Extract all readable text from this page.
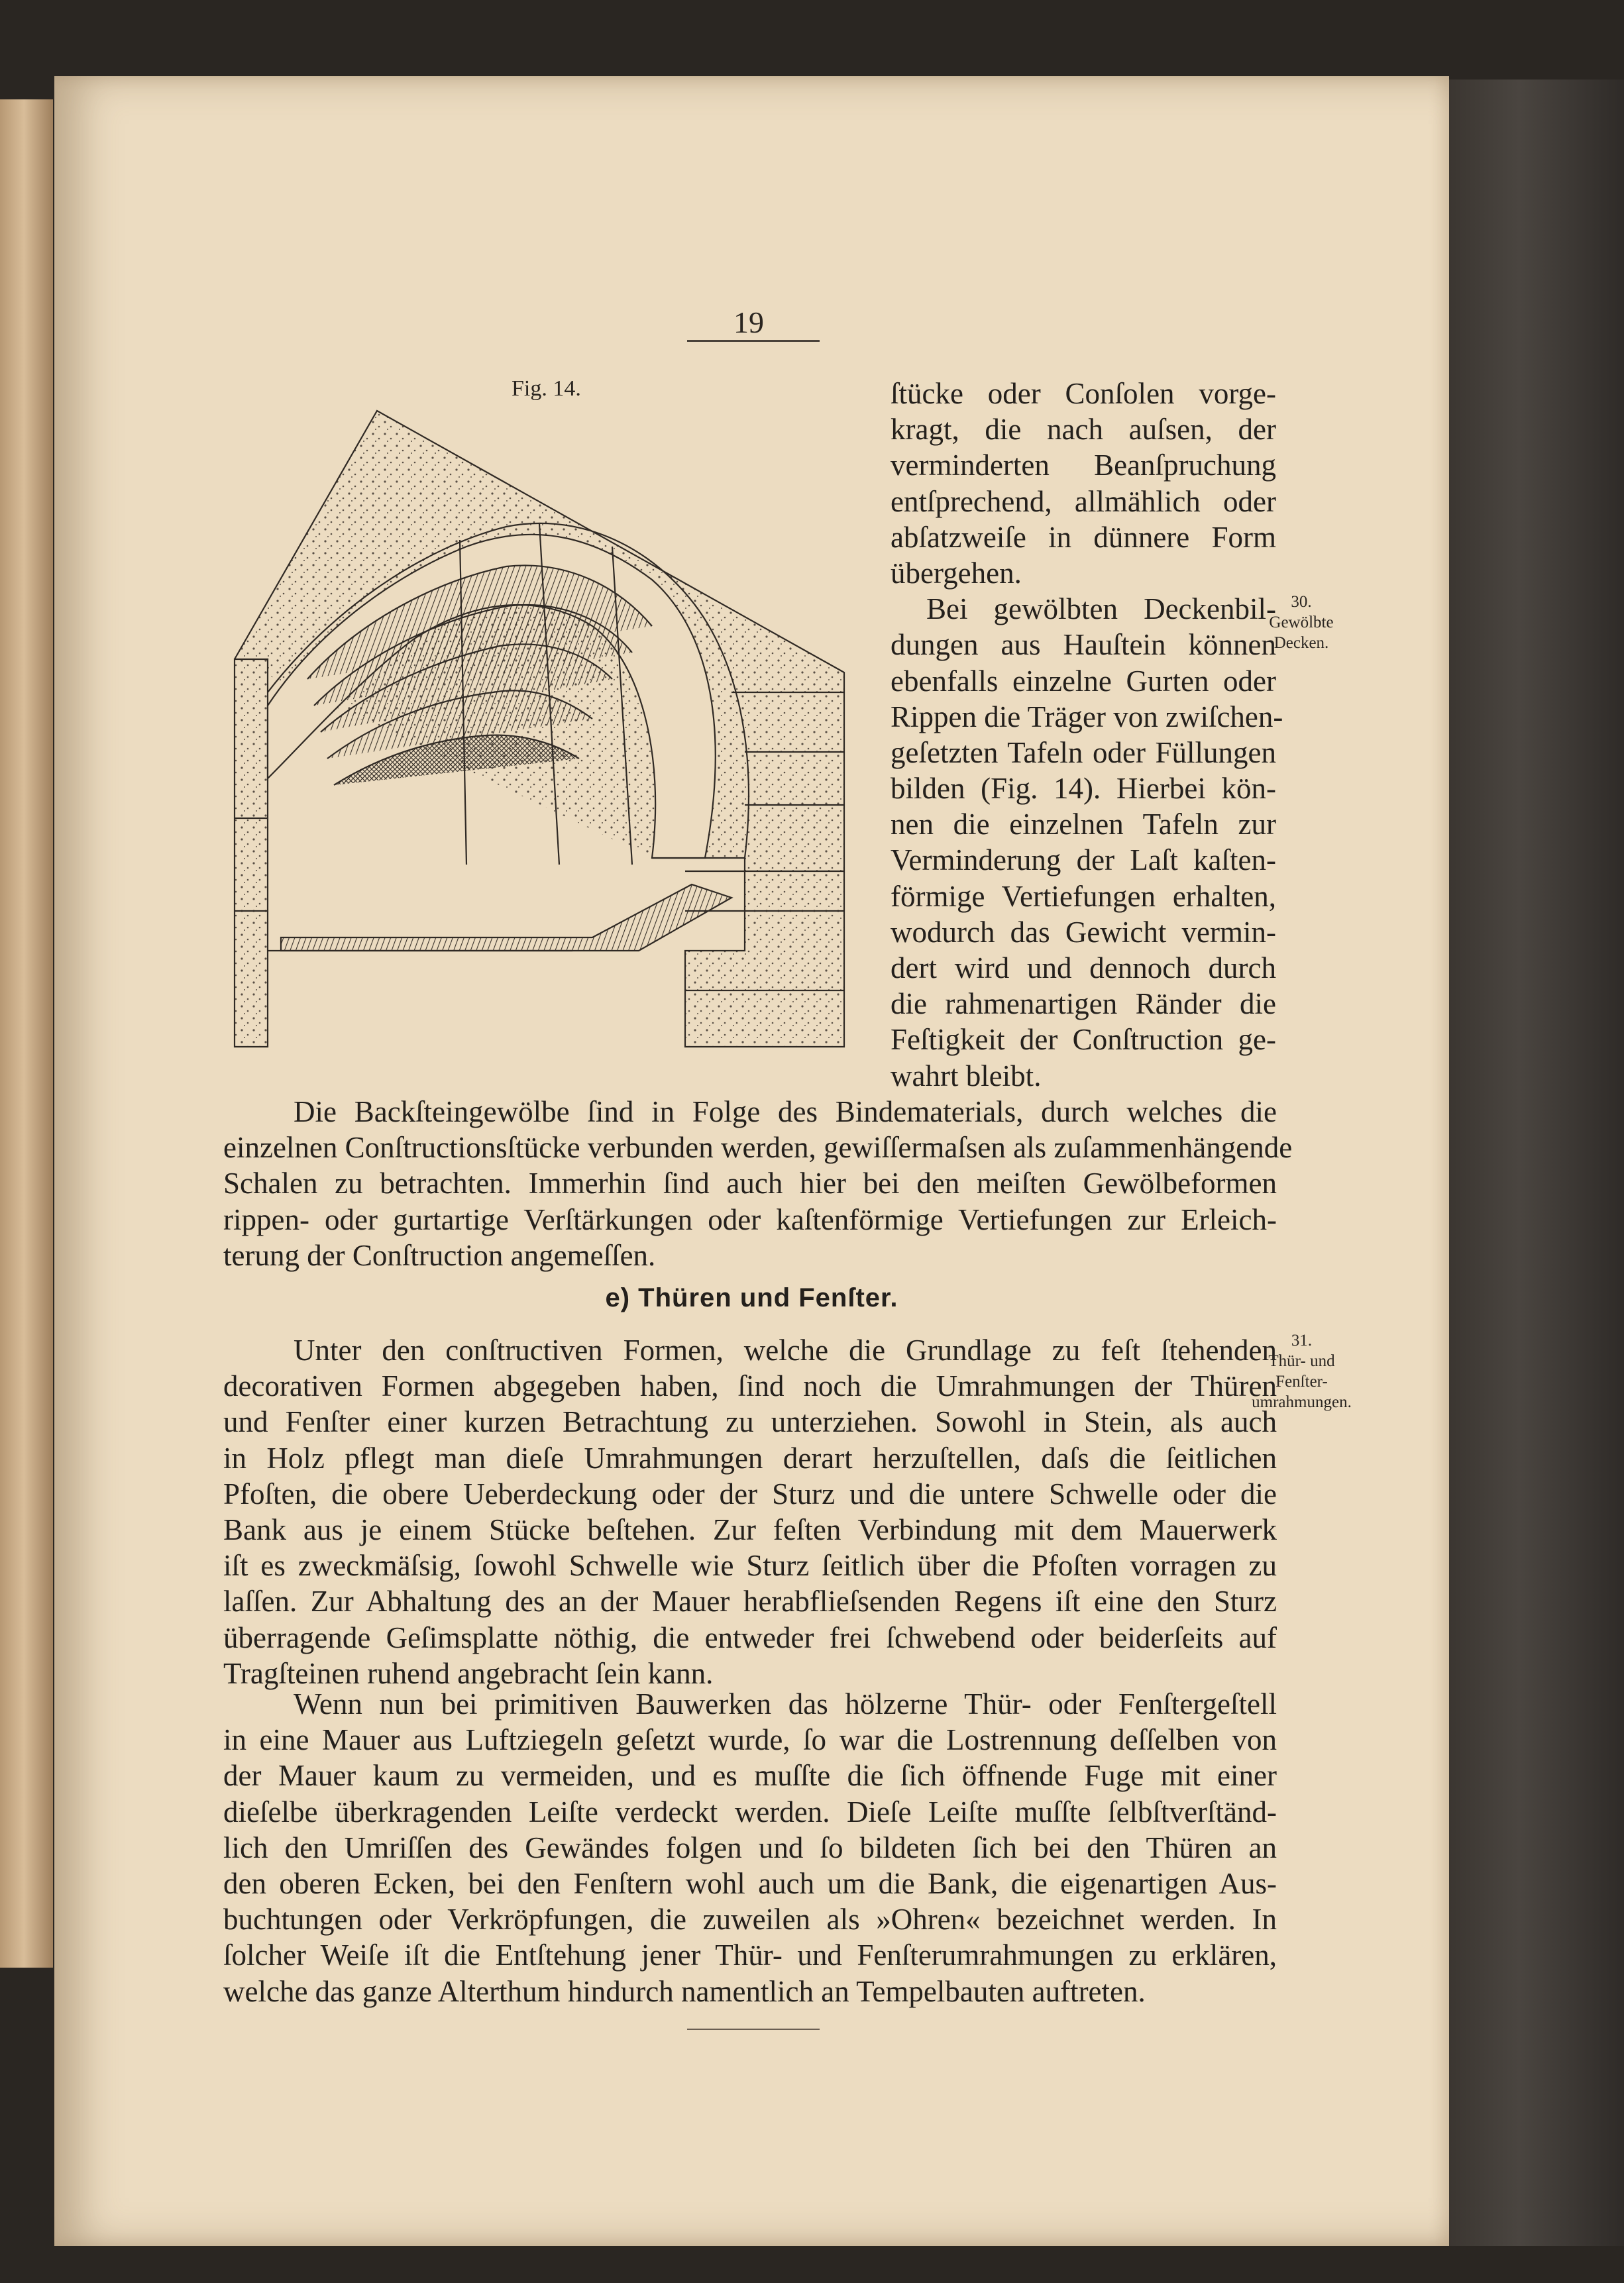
19
Fig. 14.	ſtücke oder Conſolen vorge-
kragt, die nach auſsen, der
verminderten Beanſpruchung
entſprechend, allmählich oder
abſatzweiſe in dünnere Form
übergehen.
Bei gewölbten Deckenbil-
dungen aus Hauſtein können
ebenfalls einzelne Gurten oder
Rippen die Träger von zwiſchen-
geſetzten Tafeln oder Füllungen
bilden (Fig. 14). Hierbei kön-
nen die einzelnen Tafeln zur
Verminderung der Laſt kaſten-
förmige Vertiefungen erhalten,
wodurch das Gewicht vermin-
dert wird und dennoch durch
die rahmenartigen Ränder die
Feſtigkeit der Conſtruction ge-
wahrt bleibt.
Die Backſteingewölbe ſind in Folge des Bindematerials, durch welches die
einzelnen Conſtructionsſtücke verbunden werden, gewiſſermaſsen als zuſammenhängende
Schalen zu betrachten. Immerhin ſind auch hier bei den meiſten Gewölbeformen
rippen- oder gurtartige Verſtärkungen oder kaſtenförmige Vertiefungen zur Erleich-
terung der Conſtruction angemeſſen.
e) Thüren und Fenſter.
Unter den conſtructiven Formen, welche die Grundlage zu feſt ſtehenden
decorativen Formen abgegeben haben, ſind noch die Umrahmungen der Thüren
und Fenſter einer kurzen Betrachtung zu unterziehen. Sowohl in Stein, als auch
in Holz pflegt man dieſe Umrahmungen derart herzuſtellen, daſs die ſeitlichen
Pfoſten, die obere Ueberdeckung oder der Sturz und die untere Schwelle oder die
Bank aus je einem Stücke beſtehen. Zur feſten Verbindung mit dem Mauerwerk
iſt es zweckmäſsig, ſowohl Schwelle wie Sturz ſeitlich über die Pfoſten vorragen zu
laſſen. Zur Abhaltung des an der Mauer herabflieſsenden Regens iſt eine den Sturz
überragende Geſimsplatte nöthig, die entweder frei ſchwebend oder beiderſeits auf
Tragſteinen ruhend angebracht ſein kann.
Wenn nun bei primitiven Bauwerken das hölzerne Thür- oder Fenſtergeſtell
in eine Mauer aus Luftziegeln geſetzt wurde, ſo war die Lostrennung deſſelben von
der Mauer kaum zu vermeiden, und es muſſte die ſich öffnende Fuge mit einer
dieſelbe überkragenden Leiſte verdeckt werden. Dieſe Leiſte muſſte ſelbſtverſtänd-
lich den Umriſſen des Gewändes folgen und ſo bildeten ſich bei den Thüren an
den oberen Ecken, bei den Fenſtern wohl auch um die Bank, die eigenartigen Aus-
buchtungen oder Verkröpfungen, die zuweilen als »Ohren« bezeichnet werden. In
ſolcher Weiſe iſt die Entſtehung jener Thür- und Fenſterumrahmungen zu erklären,
welche das ganze Alterthum hindurch namentlich an Tempelbauten auftreten.
30.
Gewölbte
Decken.
31.
Thür- und
Fenſter-
umrahmungen.
